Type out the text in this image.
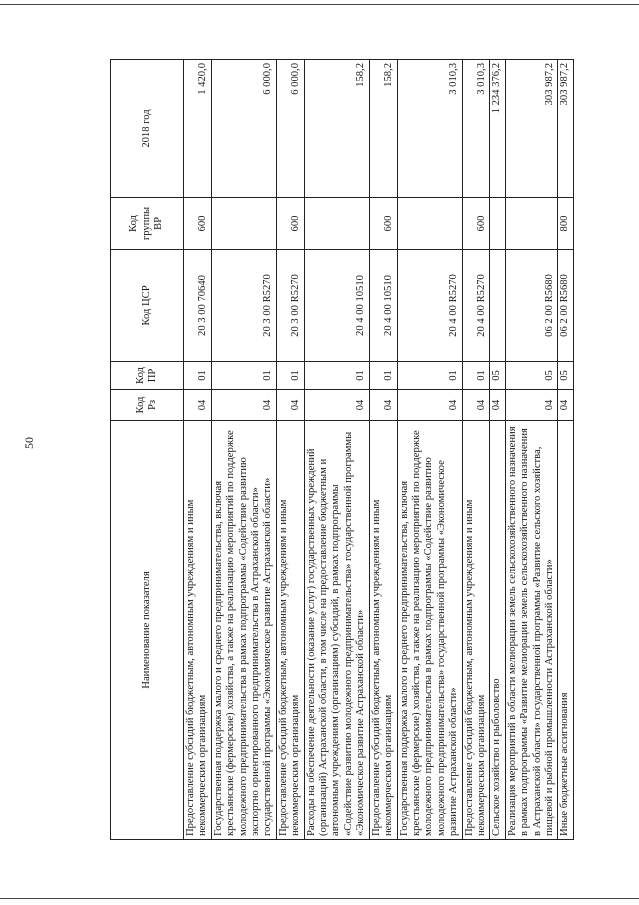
50
Наименование показателя	Код Рз	Код ПР	Код ЦСР	Код группы ВР	2018 год
Предоставление субсидий бюджетным, автономным учреждениям и иным некоммерческим организациям	04	01	20 3 00 70640	600	1 420,0
Государственная поддержка малого и среднего предпринимательства, включая крестьянские (фермерские) хозяйства, а также на реализацию мероприятий по поддержке молодежного предпринимательства в рамках подпрограммы «Содействие развитию экспортно ориентированного предпринимательства в Астраханской области» государственной программы «Экономическое развитие Астраханской области»	04	01	20 3 00 R5270		6 000,0
Предоставление субсидий бюджетным, автономным учреждениям и иным некоммерческим организациям	04	01	20 3 00 R5270	600	6 000,0
Расходы на обеспечение деятельности (оказание услуг) государственных учреждений (организаций) Астраханской области, в том числе на предоставление бюджетным и автономным учреждениям (организациям) субсидий, в рамках подпрограммы «Содействие развитию молодежного предпринимательства» государственной программы «Экономическое развитие Астраханской области»	04	01	20 4 00 10510		158,2
Предоставление субсидий бюджетным, автономным учреждениям и иным некоммерческим организациям	04	01	20 4 00 10510	600	158,2
Государственная поддержка малого и среднего предпринимательства, включая крестьянские (фермерские) хозяйства, а также на реализацию мероприятий по поддержке молодежного предпринимательства в рамках подпрограммы «Содействие развитию молодежного предпринимательства» государственной программы «Экономическое развитие Астраханской области»	04	01	20 4 00 R5270		3 010,3
Предоставление субсидий бюджетным, автономным учреждениям и иным некоммерческим организациям	04	01	20 4 00 R5270	600	3 010,3
Сельское хозяйство и рыболовство	04	05			1 234 376,2
Реализация мероприятий в области мелиорации земель сельскохозяйственного назначения в рамках подпрограммы «Развитие мелиорации земель сельскохозяйственного назначения в Астраханской области» государственной программы «Развитие сельского хозяйства, пищевой и рыбной промышленности Астраханской области»	04	05	06 2 00 R5680		303 987,2
Иные бюджетные ассигнования	04	05	06 2 00 R5680	800	303 987,2
